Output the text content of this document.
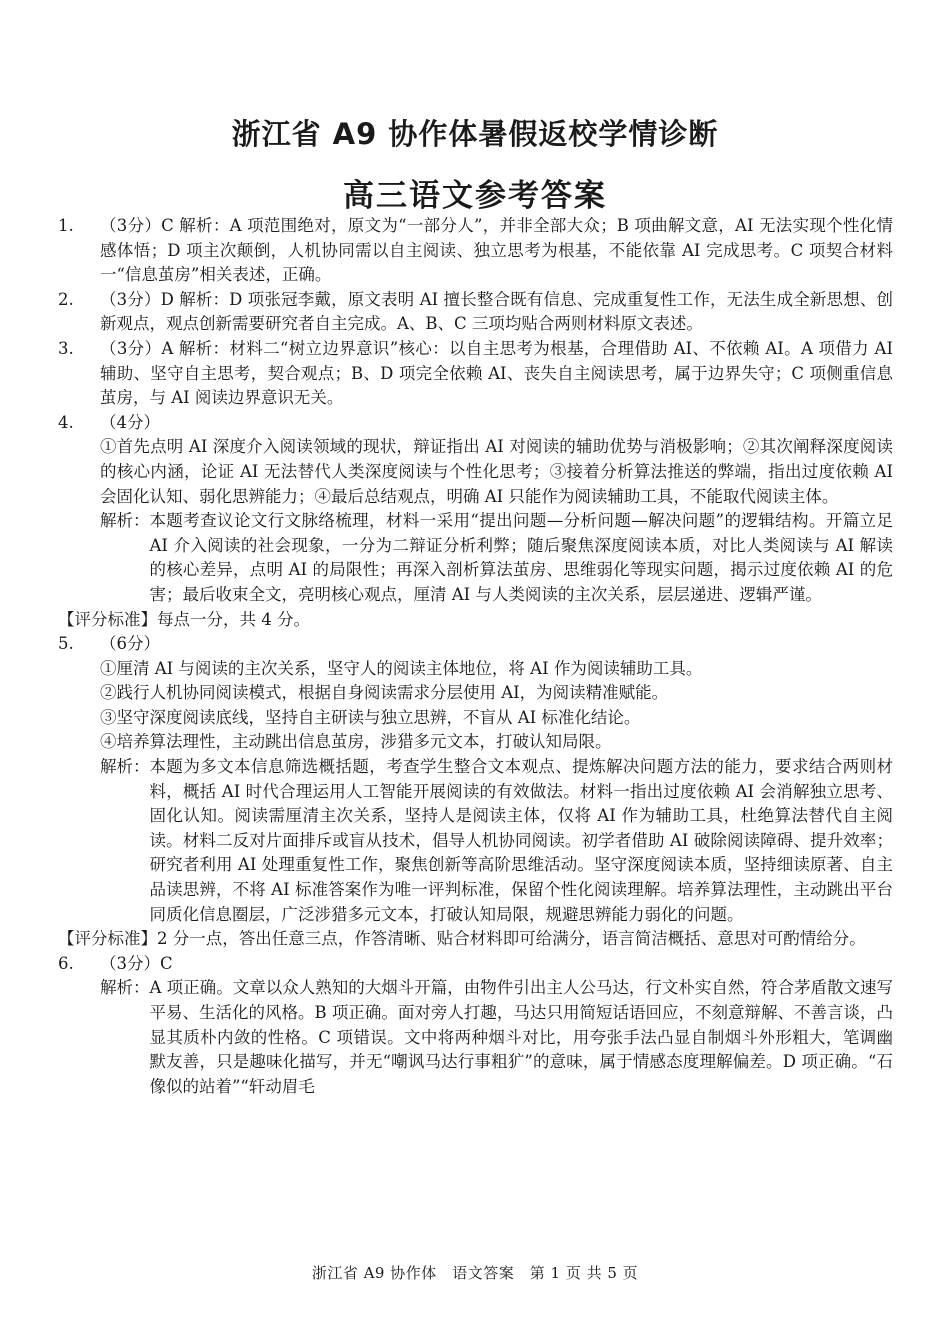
浙江省 A9 协作体暑假返校学情诊断
高三语文参考答案
1.	（3分）C 解析：A 项范围绝对，原文为“一部分人”，并非全部大众；B 项曲解文意，AI 无法实现个性化情感体悟；D 项主次颠倒，人机协同需以自主阅读、独立思考为根基，不能依靠 AI 完成思考。C 项契合材料一“信息茧房”相关表述，正确。
2.	（3分）D 解析：D 项张冠李戴，原文表明 AI 擅长整合既有信息、完成重复性工作，无法生成全新思想、创新观点，观点创新需要研究者自主完成。A、B、C 三项均贴合两则材料原文表述。
3.	（3分）A 解析：材料二“树立边界意识”核心：以自主思考为根基，合理借助 AI、不依赖 AI。A 项借力 AI 辅助、坚守自主思考，契合观点；B、D 项完全依赖 AI、丧失自主阅读思考，属于边界失守；C 项侧重信息茧房，与 AI 阅读边界意识无关。
4.	（4分）
①首先点明 AI 深度介入阅读领域的现状，辩证指出 AI 对阅读的辅助优势与消极影响；②其次阐释深度阅读的核心内涵，论证 AI 无法替代人类深度阅读与个性化思考；③接着分析算法推送的弊端，指出过度依赖 AI 会固化认知、弱化思辨能力；④最后总结观点，明确 AI 只能作为阅读辅助工具，不能取代阅读主体。
解析： 本题考查议论文行文脉络梳理，材料一采用“提出问题—分析问题—解决问题”的逻辑结构。开篇立足 AI 介入阅读的社会现象，一分为二辩证分析利弊；随后聚焦深度阅读本质，对比人类阅读与 AI 解读的核心差异，点明 AI 的局限性；再深入剖析算法茧房、思维弱化等现实问题，揭示过度依赖 AI 的危害；最后收束全文，亮明核心观点，厘清 AI 与人类阅读的主次关系，层层递进、逻辑严谨。
【评分标准】 每点一分，共 4 分。
5.	（6分）
①厘清 AI 与阅读的主次关系，坚守人的阅读主体地位，将 AI 作为阅读辅助工具。
②践行人机协同阅读模式，根据自身阅读需求分层使用 AI，为阅读精准赋能。
③坚守深度阅读底线，坚持自主研读与独立思辨，不盲从 AI 标准化结论。
④培养算法理性，主动跳出信息茧房，涉猎多元文本，打破认知局限。
解析： 本题为多文本信息筛选概括题，考查学生整合文本观点、提炼解决问题方法的能力，要求结合两则材料，概括 AI 时代合理运用人工智能开展阅读的有效做法。材料一指出过度依赖 AI 会消解独立思考、固化认知。阅读需厘清主次关系，坚持人是阅读主体，仅将 AI 作为辅助工具，杜绝算法替代自主阅读。材料二反对片面排斥或盲从技术，倡导人机协同阅读。初学者借助 AI 破除阅读障碍、提升效率；研究者利用 AI 处理重复性工作，聚焦创新等高阶思维活动。坚守深度阅读本质，坚持细读原著、自主品读思辨，不将 AI 标准答案作为唯一评判标准，保留个性化阅读理解。培养算法理性，主动跳出平台同质化信息圈层，广泛涉猎多元文本，打破认知局限，规避思辨能力弱化的问题。
【评分标准】 2 分一点，答出任意三点，作答清晰、贴合材料即可给满分，语言简洁概括、意思对可酌情给分。
6.	（3分）C
解析： A 项正确。文章以众人熟知的大烟斗开篇，由物件引出主人公马达，行文朴实自然，符合茅盾散文速写平易、生活化的风格。B 项正确。面对旁人打趣，马达只用简短话语回应，不刻意辩解、不善言谈，凸显其质朴内敛的性格。C 项错误。文中将两种烟斗对比，用夸张手法凸显自制烟斗外形粗大，笔调幽默友善，只是趣味化描写，并无“嘲讽马达行事粗犷”的意味，属于情感态度理解偏差。D 项正确。“石像似的站着”“轩动眉毛
浙江省 A9 协作体　语文答案　第 1 页 共 5 页
